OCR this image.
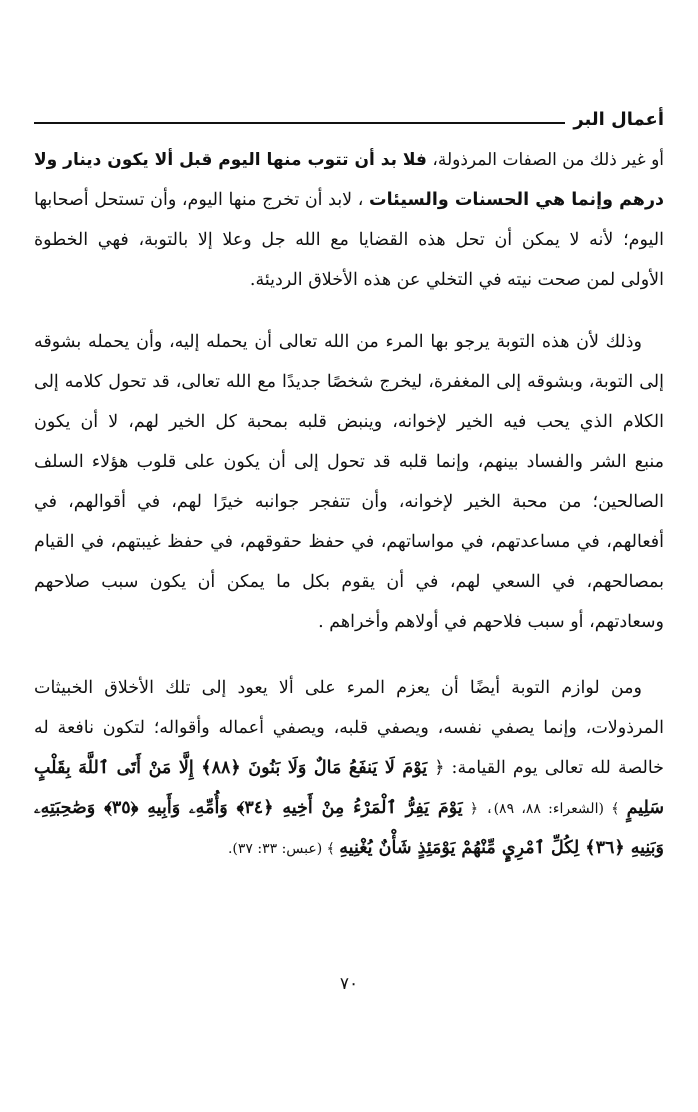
أعمال البر
أو غير ذلك من الصفات المرذولة، فلا بد أن تتوب منها اليوم قبل ألا يكون دينار ولا
درهم وإنما هي الحسنات والسيئات ، لابد أن تخرج منها اليوم، وأن تستحل أصحابها
اليوم؛ لأنه لا يمكن أن تحل هذه القضايا مع الله جل وعلا إلا بالتوبة، فهي الخطوة
الأولى لمن صحت نيته في التخلي عن هذه الأخلاق الرديئة.
وذلك لأن هذه التوبة يرجو بها المرء من الله تعالى أن يحمله إليه، وأن يحمله بشوقه
إلى التوبة، وبشوقه إلى المغفرة، ليخرج شخصًا جديدًا مع الله تعالى، قد تحول كلامه إلى
الكلام الذي يحب فيه الخير لإخوانه، وينبض قلبه بمحبة كل الخير لهم، لا أن يكون
منبع الشر والفساد بينهم، وإنما قلبه قد تحول إلى أن يكون على قلوب هؤلاء السلف
الصالحين؛ من محبة الخير لإخوانه، وأن تتفجر جوانبه خيرًا لهم، في أقوالهم، في
أفعالهم، في مساعدتهم، في مواساتهم، في حفظ حقوقهم، في حفظ غيبتهم، في القيام
بمصالحهم، في السعي لهم، في أن يقوم بكل ما يمكن أن يكون سبب صلاحهم
وسعادتهم، أو سبب فلاحهم في أولاهم وأخراهم .
ومن لوازم التوبة أيضًا أن يعزم المرء على ألا يعود إلى تلك الأخلاق الخبيثات
المرذولات، وإنما يصفي نفسه، ويصفي قلبه، ويصفي أعماله وأقواله؛ لتكون نافعة له
خالصة لله تعالى يوم القيامة: ﴿ يَوْمَ لَا يَنفَعُ مَالٌ وَلَا بَنُونَ ﴿٨٨﴾ إِلَّا مَنْ أَتَى ٱللَّهَ بِقَلْبٍ
سَلِيمٍ ﴾ (الشعراء: ٨٨، ٨٩)، ﴿ يَوْمَ يَفِرُّ ٱلْمَرْءُ مِنْ أَخِيهِ ﴿٣٤﴾ وَأُمِّهِۦ وَأَبِيهِ ﴿٣٥﴾ وَصَٰحِبَتِهِۦ
وَبَنِيهِ ﴿٣٦﴾ لِكُلِّ ٱمْرِيٍٕ مِّنْهُمْ يَوْمَئِذٍ شَأْنٌ يُغْنِيهِ ﴾ (عبس: ٣٣: ٣٧).
٧٠
